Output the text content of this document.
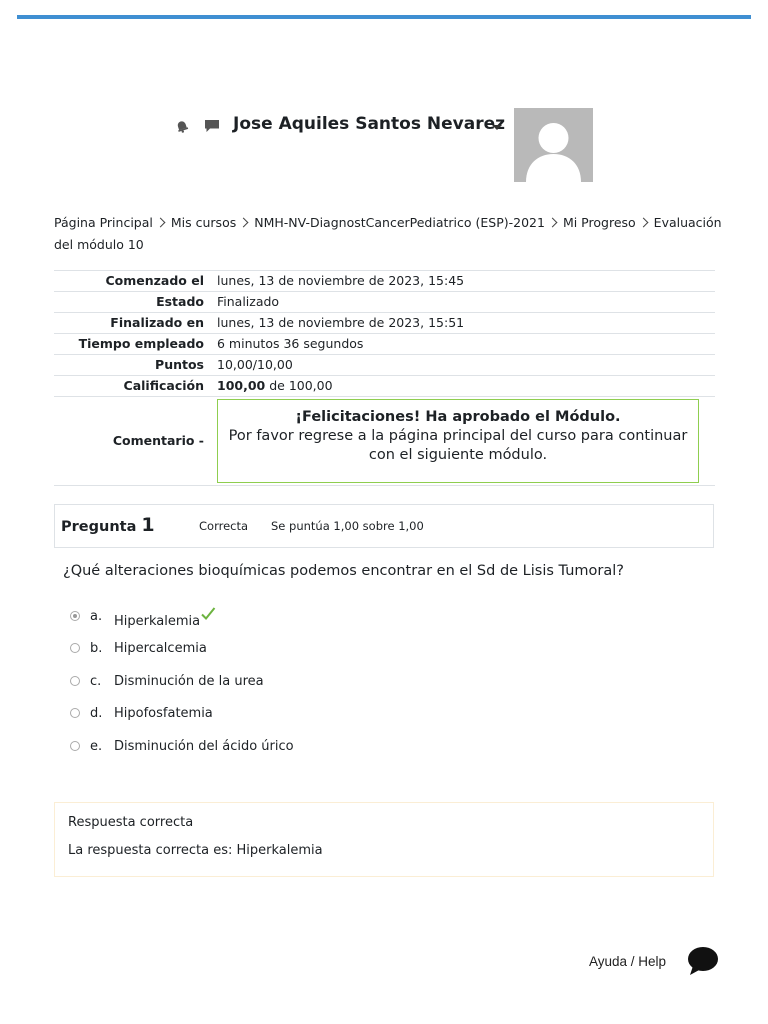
Jose Aquiles Santos Nevarez
Página Principal Mis cursos NMH-NV-DiagnostCancerPediatrico (ESP)-2021 Mi Progreso Evaluación del módulo 10
Comenzado el	lunes, 13 de noviembre de 2023, 15:45
Estado	Finalizado
Finalizado en	lunes, 13 de noviembre de 2023, 15:51
Tiempo empleado	6 minutos 36 segundos
Puntos	10,00/10,00
Calificación	100,00 de 100,00
Comentario -	¡Felicitaciones! Ha aprobado el Módulo.
Por favor regrese a la página principal del curso para continuar con el siguiente módulo.
Pregunta 1	Correcta Se puntúa 1,00 sobre 1,00
¿Qué alteraciones bioquímicas podemos encontrar en el Sd de Lisis Tumoral?
a. Hiperkalemia
b. Hipercalcemia
c. Disminución de la urea
d. Hipofosfatemia
e. Disminución del ácido úrico
Respuesta correcta
La respuesta correcta es: Hiperkalemia
Ayuda / Help
